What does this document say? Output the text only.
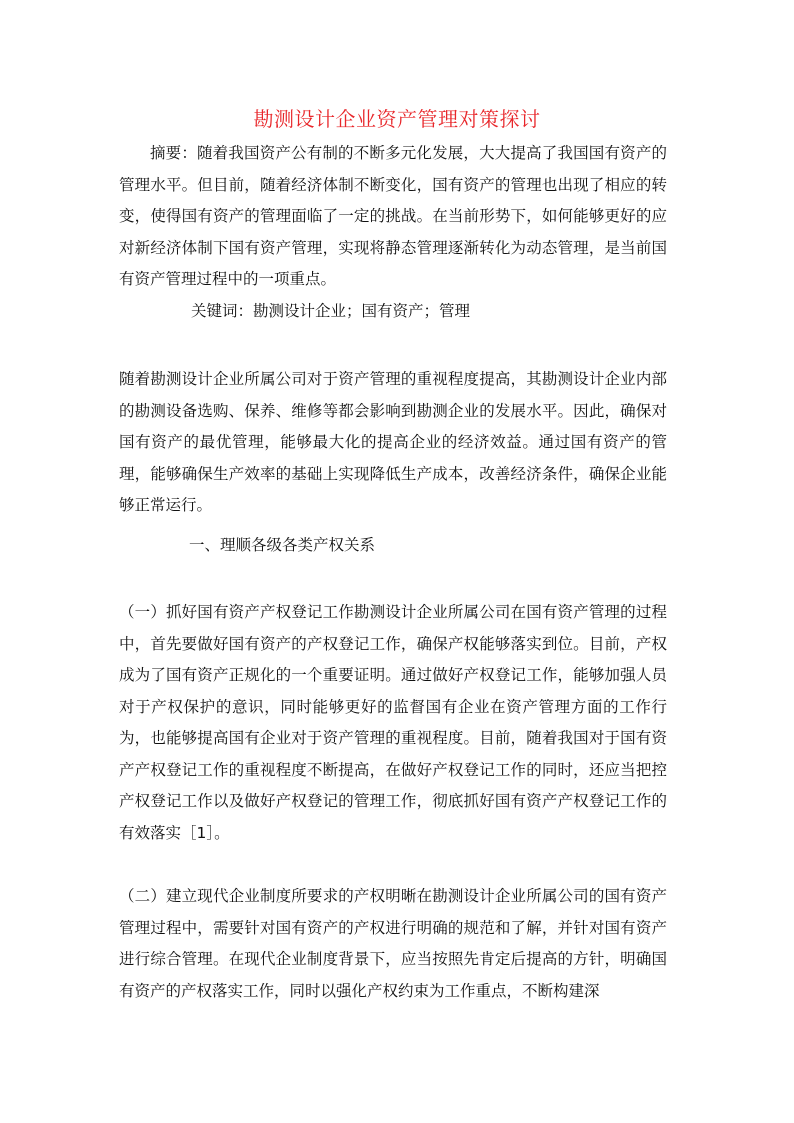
勘测设计企业资产管理对策探讨

摘要：随着我国资产公有制的不断多元化发展，大大提高了我国国有资产的管理水平。但目前，随着经济体制不断变化，国有资产的管理也出现了相应的转变，使得国有资产的管理面临了一定的挑战。在当前形势下，如何能够更好的应对新经济体制下国有资产管理，实现将静态管理逐渐转化为动态管理，是当前国有资产管理过程中的一项重点。

关键词：勘测设计企业；国有资产；管理

随着勘测设计企业所属公司对于资产管理的重视程度提高，其勘测设计企业内部的勘测设备选购、保养、维修等都会影响到勘测企业的发展水平。因此，确保对国有资产的最优管理，能够最大化的提高企业的经济效益。通过国有资产的管理，能够确保生产效率的基础上实现降低生产成本，改善经济条件，确保企业能够正常运行。

一、理顺各级各类产权关系

（一）抓好国有资产产权登记工作勘测设计企业所属公司在国有资产管理的过程中，首先要做好国有资产的产权登记工作，确保产权能够落实到位。目前，产权成为了国有资产正规化的一个重要证明。通过做好产权登记工作，能够加强人员对于产权保护的意识，同时能够更好的监督国有企业在资产管理方面的工作行为，也能够提高国有企业对于资产管理的重视程度。目前，随着我国对于国有资产产权登记工作的重视程度不断提高，在做好产权登记工作的同时，还应当把控产权登记工作以及做好产权登记的管理工作，彻底抓好国有资产产权登记工作的有效落实［1］。

（二）建立现代企业制度所要求的产权明晰在勘测设计企业所属公司的国有资产管理过程中，需要针对国有资产的产权进行明确的规范和了解，并针对国有资产进行综合管理。在现代企业制度背景下，应当按照先肯定后提高的方针，明确国有资产的产权落实工作，同时以强化产权约束为工作重点，不断构建深
